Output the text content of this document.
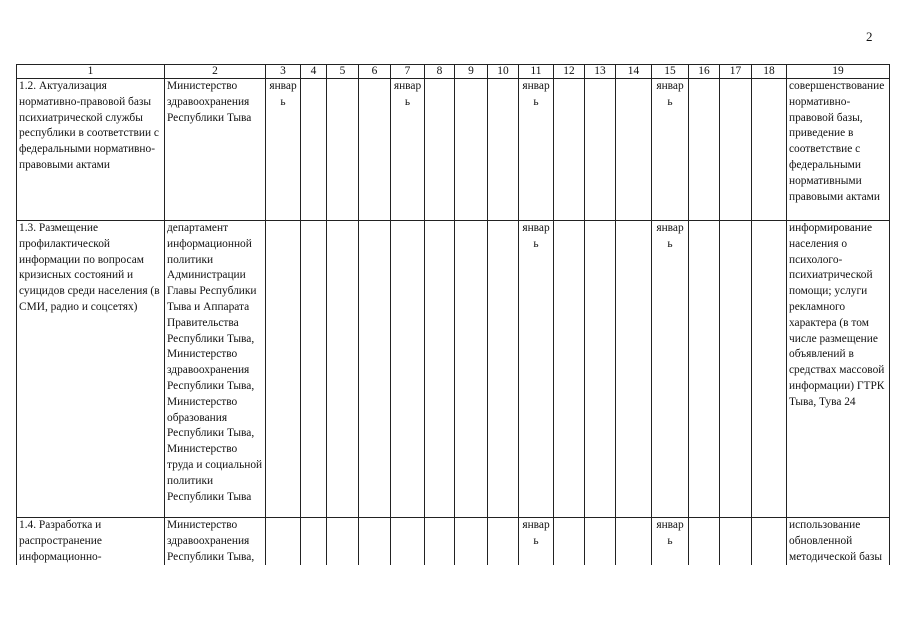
2
1	2	3	4	5	6	7	8	9	10	11	12	13	14	15	16	17	18	19
1.2. Актуализация нормативно-правовой базы психиатрической службы республики в соответствии с федеральными нормативно-правовыми актами	Министерство здравоохранения Республики Тыва	январь				январь				январь				январь				совершенствование нормативно-правовой базы, приведение в соответствие с федеральными нормативными правовыми актами
1.3. Размещение профилактической информации по вопросам кризисных состояний и суицидов среди населения (в СМИ, радио и соцсетях)	департамент информационной политики Администрации Главы Республики Тыва и Аппарата Правительства Республики Тыва, Министерство здравоохранения Республики Тыва, Министерство образования Республики Тыва, Министерство труда и социальной политики Республики Тыва									январь				январь				информирование населения о психолого-психиатрической помощи; услуги рекламного характера (в том числе размещение объявлений в средствах массовой информации) ГТРК Тыва, Тува 24
1.4. Разработка и распространение информационно-	Министерство здравоохранения Республики Тыва,									январь				январь				использование обновленной методической базы
